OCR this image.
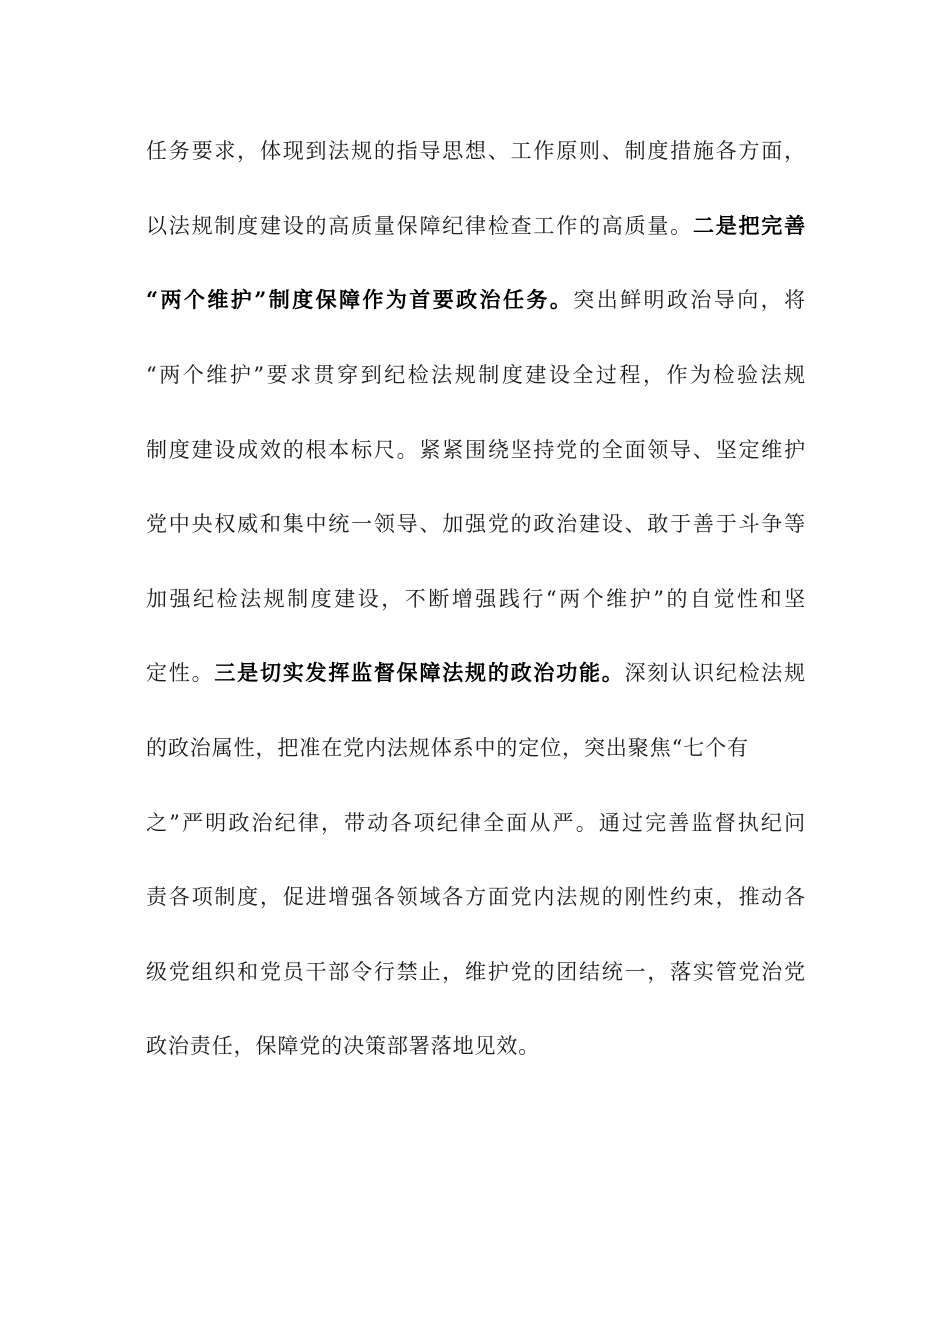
任务要求，体现到法规的指导思想、工作原则、制度措施各方面，
以法规制度建设的高质量保障纪律检查工作的高质量。二是把完善
“两个维护”制度保障作为首要政治任务。突出鲜明政治导向，将
“两个维护”要求贯穿到纪检法规制度建设全过程，作为检验法规
制度建设成效的根本标尺。紧紧围绕坚持党的全面领导、坚定维护
党中央权威和集中统一领导、加强党的政治建设、敢于善于斗争等
加强纪检法规制度建设，不断增强践行“两个维护”的自觉性和坚
定性。三是切实发挥监督保障法规的政治功能。深刻认识纪检法规
的政治属性，把准在党内法规体系中的定位，突出聚焦“七个有
之”严明政治纪律，带动各项纪律全面从严。通过完善监督执纪问
责各项制度，促进增强各领域各方面党内法规的刚性约束，推动各
级党组织和党员干部令行禁止，维护党的团结统一，落实管党治党
政治责任，保障党的决策部署落地见效。
